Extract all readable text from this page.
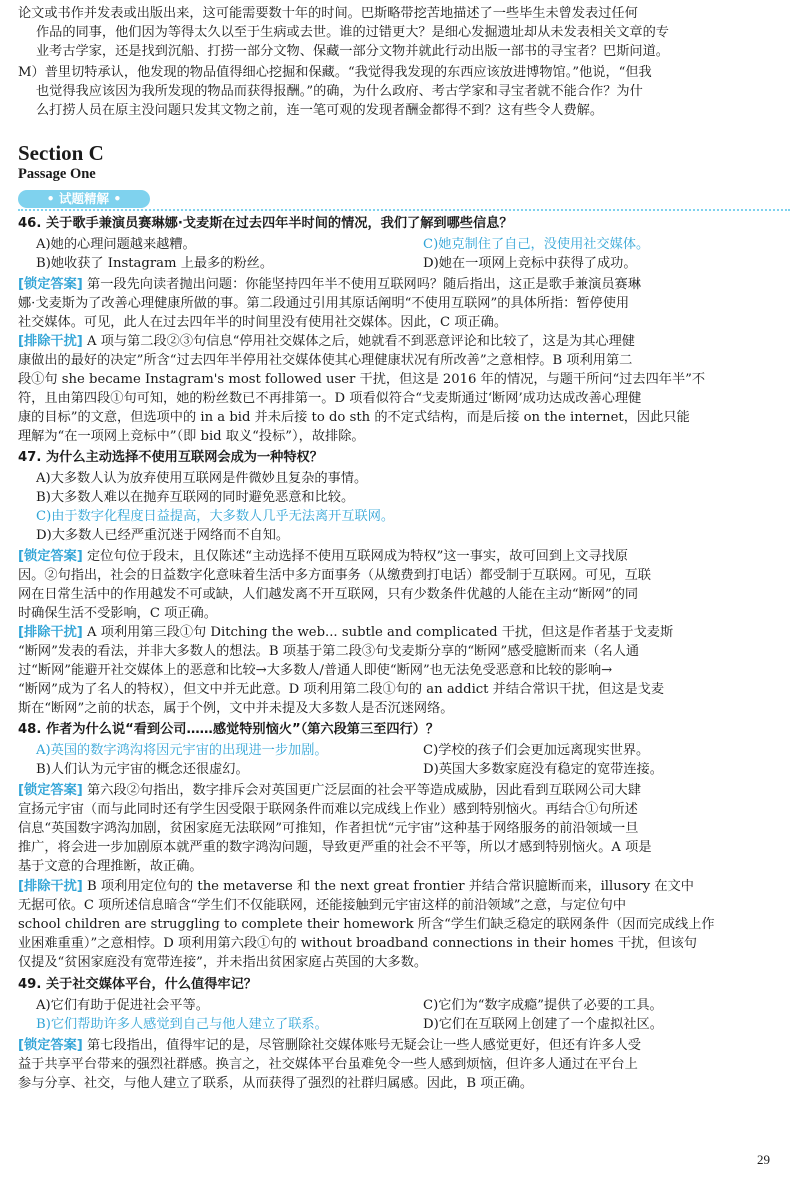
论文或书作并发表或出版出来，这可能需要数十年的时间。巴斯略带挖苦地描述了一些毕生未曾发表过任何
作品的同事，他们因为等得太久以至于生病或去世。谁的过错更大？是细心发掘遗址却从未发表相关文章的专
业考古学家，还是找到沉船、打捞一部分文物、保藏一部分文物并就此行动出版一部书的寻宝者？巴斯问道。
M）普里切特承认，他发现的物品值得细心挖掘和保藏。“我觉得我发现的东西应该放进博物馆。”他说，“但我
也觉得我应该因为我所发现的物品而获得报酬。”的确，为什么政府、考古学家和寻宝者就不能合作？为什
么打捞人员在原主没问题只发其文物之前，连一笔可观的发现者酬金都得不到？这有些令人费解。
Section C
Passage One
• 试题精解 •
46. 关于歌手兼演员赛琳娜·戈麦斯在过去四年半时间的情况，我们了解到哪些信息？
A)她的心理问题越来越糟。	C)她克制住了自己，没使用社交媒体。
B)她收获了 Instagram 上最多的粉丝。	D)她在一项网上竞标中获得了成功。
[锁定答案] 第一段先向读者抛出问题：你能坚持四年半不使用互联网吗？随后指出，这正是歌手兼演员赛琳
娜·戈麦斯为了改善心理健康所做的事。第二段通过引用其原话阐明“不使用互联网”的具体所指：暂停使用
社交媒体。可见，此人在过去四年半的时间里没有使用社交媒体。因此，C 项正确。
[排除干扰] A 项与第二段②③句信息“停用社交媒体之后，她就看不到恶意评论和比较了，这是为其心理健
康做出的最好的决定”所含“过去四年半停用社交媒体使其心理健康状况有所改善”之意相悖。B 项利用第二
段①句 she became Instagram's most followed user 干扰，但这是 2016 年的情况，与题干所问“过去四年半”不
符，且由第四段①句可知，她的粉丝数已不再排第一。D 项看似符合“戈麦斯通过‘断网’成功达成改善心理健
康的目标”的文意，但选项中的 in a bid 并未后接 to do sth 的不定式结构，而是后接 on the internet，因此只能
理解为“在一项网上竞标中”（即 bid 取义“投标”），故排除。
47. 为什么主动选择不使用互联网会成为一种特权？
A)大多数人认为放弃使用互联网是件微妙且复杂的事情。
B)大多数人难以在抛弃互联网的同时避免恶意和比较。
C)由于数字化程度日益提高，大多数人几乎无法离开互联网。
D)大多数人已经严重沉迷于网络而不自知。
[锁定答案] 定位句位于段末，且仅陈述“主动选择不使用互联网成为特权”这一事实，故可回到上文寻找原
因。②句指出，社会的日益数字化意味着生活中多方面事务（从缴费到打电话）都受制于互联网。可见，互联
网在日常生活中的作用越发不可或缺，人们越发离不开互联网，只有少数条件优越的人能在主动“断网”的同
时确保生活不受影响，C 项正确。
[排除干扰] A 项利用第三段①句 Ditching the web... subtle and complicated 干扰，但这是作者基于戈麦斯
“断网”发表的看法，并非大多数人的想法。B 项基于第二段③句戈麦斯分享的“断网”感受臆断而来（名人通
过“断网”能避开社交媒体上的恶意和比较→大多数人/普通人即使“断网”也无法免受恶意和比较的影响→
“断网”成为了名人的特权），但文中并无此意。D 项利用第二段①句的 an addict 并结合常识干扰，但这是戈麦
斯在“断网”之前的状态，属于个例，文中并未提及大多数人是否沉迷网络。
48. 作者为什么说“看到公司……感觉特别恼火”（第六段第三至四行）？
A)英国的数字鸿沟将因元宇宙的出现进一步加剧。	C)学校的孩子们会更加远离现实世界。
B)人们认为元宇宙的概念还很虚幻。	D)英国大多数家庭没有稳定的宽带连接。
[锁定答案] 第六段②句指出，数字排斥会对英国更广泛层面的社会平等造成威胁，因此看到互联网公司大肆
宣扬元宇宙（而与此同时还有学生因受限于联网条件而难以完成线上作业）感到特别恼火。再结合①句所述
信息“英国数字鸿沟加剧，贫困家庭无法联网”可推知，作者担忧“元宇宙”这种基于网络服务的前沿领域一旦
推广，将会进一步加剧原本就严重的数字鸿沟问题，导致更严重的社会不平等，所以才感到特别恼火。A 项是
基于文意的合理推断，故正确。
[排除干扰] B 项利用定位句的 the metaverse 和 the next great frontier 并结合常识臆断而来，illusory 在文中
无据可依。C 项所述信息暗含“学生们不仅能联网，还能接触到元宇宙这样的前沿领域”之意，与定位句中
school children are struggling to complete their homework 所含“学生们缺乏稳定的联网条件（因而完成线上作
业困难重重）”之意相悖。D 项利用第六段①句的 without broadband connections in their homes 干扰，但该句
仅提及“贫困家庭没有宽带连接”，并未指出贫困家庭占英国的大多数。
49. 关于社交媒体平台，什么值得牢记？
A)它们有助于促进社会平等。	C)它们为“数字成瘾”提供了必要的工具。
B)它们帮助许多人感觉到自己与他人建立了联系。	D)它们在互联网上创建了一个虚拟社区。
[锁定答案] 第七段指出，值得牢记的是，尽管删除社交媒体账号无疑会让一些人感觉更好，但还有许多人受
益于共享平台带来的强烈社群感。换言之，社交媒体平台虽难免令一些人感到烦恼，但许多人通过在平台上
参与分享、社交，与他人建立了联系，从而获得了强烈的社群归属感。因此，B 项正确。
29
